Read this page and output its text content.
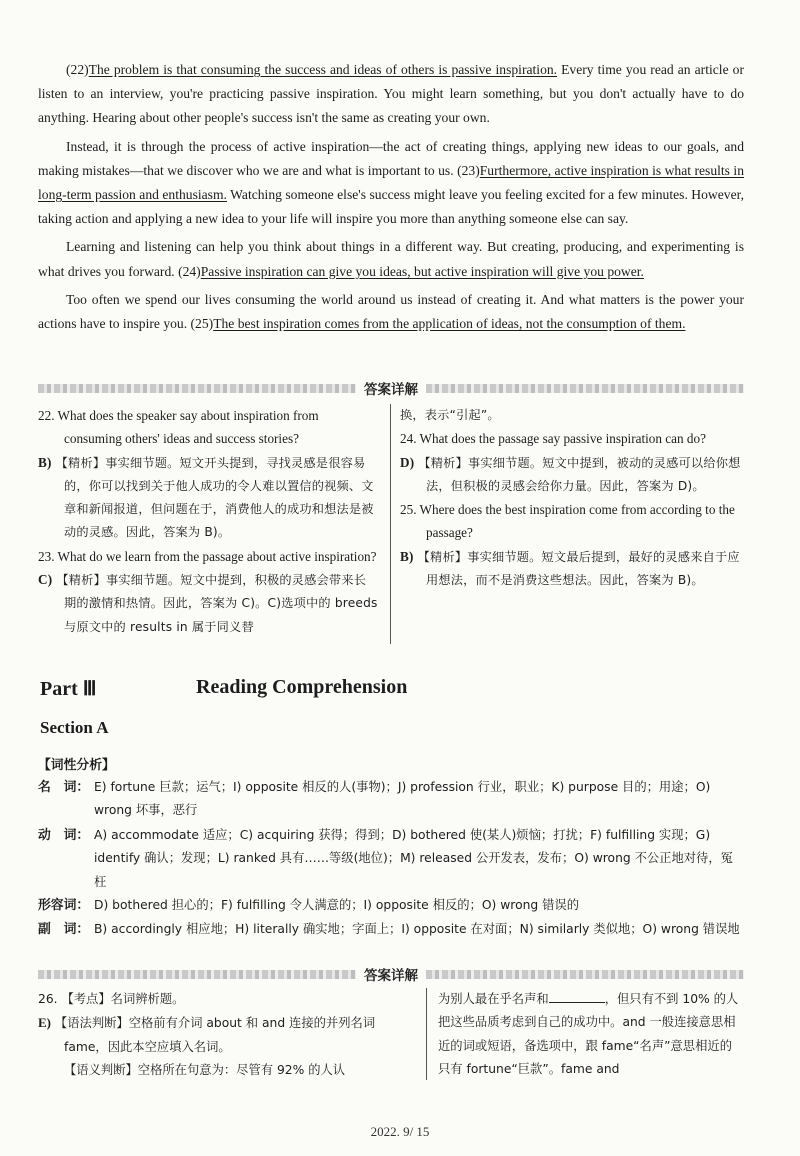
(22)The problem is that consuming the success and ideas of others is passive inspiration. Every time you read an article or listen to an interview, you're practicing passive inspiration. You might learn something, but you don't actually have to do anything. Hearing about other people's success isn't the same as creating your own.

Instead, it is through the process of active inspiration—the act of creating things, applying new ideas to our goals, and making mistakes—that we discover who we are and what is important to us. (23)Furthermore, active inspiration is what results in long-term passion and enthusiasm. Watching someone else's success might leave you feeling excited for a few minutes. However, taking action and applying a new idea to your life will inspire you more than anything someone else can say.

Learning and listening can help you think about things in a different way. But creating, producing, and experimenting is what drives you forward. (24)Passive inspiration can give you ideas, but active inspiration will give you power.

Too often we spend our lives consuming the world around us instead of creating it. And what matters is the power your actions have to inspire you. (25)The best inspiration comes from the application of ideas, not the consumption of them.

答案详解

22. What does the speaker say about inspiration from consuming others' ideas and success stories?

B) 【精析】事实细节题。短文开头提到，寻找灵感是很容易的，你可以找到关于他人成功的令人难以置信的视频、文章和新闻报道，但问题在于，消费他人的成功和想法是被动的灵感。因此，答案为 B)。

23. What do we learn from the passage about active inspiration?

C) 【精析】事实细节题。短文中提到，积极的灵感会带来长期的激情和热情。因此，答案为 C)。C)选项中的 breeds 与原文中的 results in 属于同义替

换，表示“引起”。

24. What does the passage say passive inspiration can do?

D) 【精析】事实细节题。短文中提到，被动的灵感可以给你想法，但积极的灵感会给你力量。因此，答案为 D)。

25. Where does the best inspiration come from according to the passage?

B) 【精析】事实细节题。短文最后提到，最好的灵感来自于应用想法，而不是消费这些想法。因此，答案为 B)。

Part Ⅲ	Reading Comprehension
Section A
【词性分析】
名　词： E) fortune 巨款；运气；I) opposite 相反的人(事物)；J) profession 行业，职业；K) purpose 目的；用途；O) wrong 坏事，恶行
动　词： A) accommodate 适应；C) acquiring 获得；得到；D) bothered 使(某人)烦恼；打扰；F) fulfilling 实现；G) identify 确认；发现；L) ranked 具有……等级(地位)；M) released 公开发表，发布；O) wrong 不公正地对待，冤枉
形容词： D) bothered 担心的；F) fulfilling 令人满意的；I) opposite 相反的；O) wrong 错误的
副　词： B) accordingly 相应地；H) literally 确实地；字面上；I) opposite 在对面；N) similarly 类似地；O) wrong 错误地
答案详解
26. 【考点】名词辨析题。
E) 【语法判断】空格前有介词 about 和 and 连接的并列名词 fame，因此本空应填入名词。
【语义判断】空格所在句意为：尽管有 92% 的人认
为别人最在乎名声和	，但只有不到 10% 的人把这些品质考虑到自己的成功中。and 一般连接意思相近的词或短语，备选项中，跟 fame“名声”意思相近的只有 fortune“巨款”。fame and
2022. 9/ 15
